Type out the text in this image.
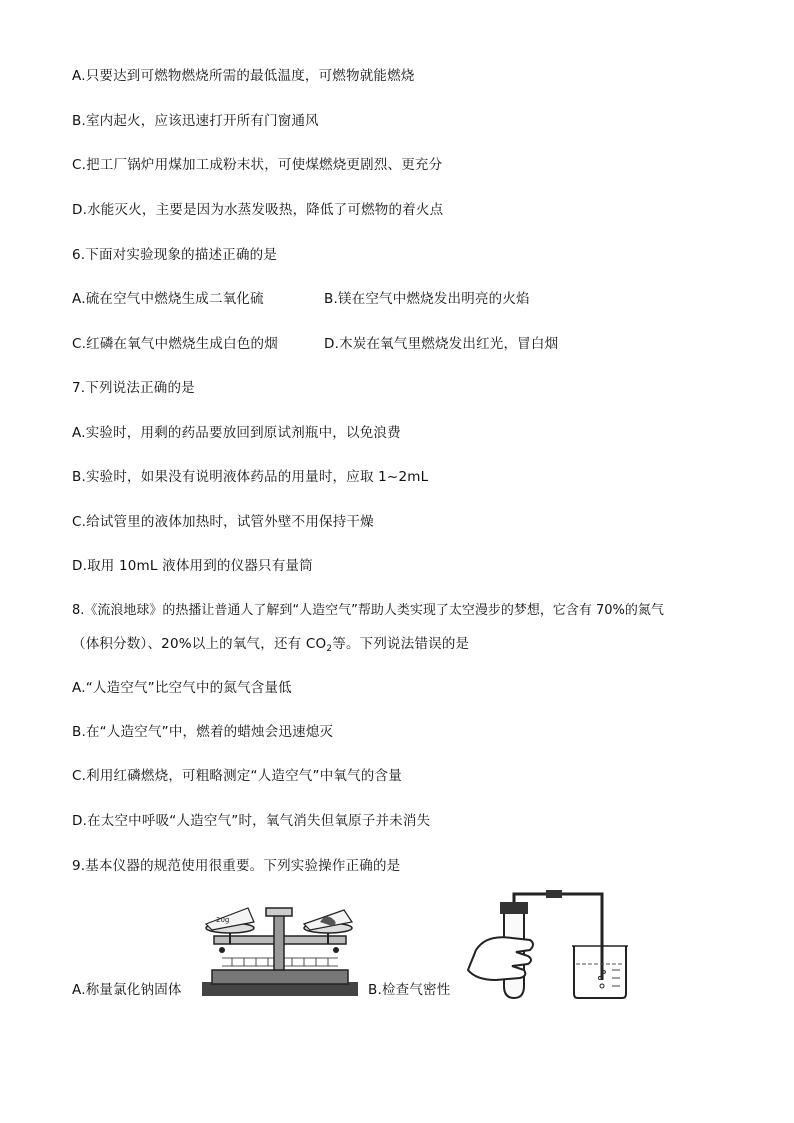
A.只要达到可燃物燃烧所需的最低温度，可燃物就能燃烧
B.室内起火，应该迅速打开所有门窗通风
C.把工厂锅炉用煤加工成粉末状，可使煤燃烧更剧烈、更充分
D.水能灭火，主要是因为水蒸发吸热，降低了可燃物的着火点
6.下面对实验现象的描述正确的是
A.硫在空气中燃烧生成二氧化硫	B.镁在空气中燃烧发出明亮的火焰
C.红磷在氧气中燃烧生成白色的烟	D.木炭在氧气里燃烧发出红光，冒白烟
7.下列说法正确的是
A.实验时，用剩的药品要放回到原试剂瓶中，以免浪费
B.实验时，如果没有说明液体药品的用量时，应取 1~2mL
C.给试管里的液体加热时，试管外壁不用保持干燥
D.取用 10mL 液体用到的仪器只有量筒
8.《流浪地球》的热播让普通人了解到“人造空气”帮助人类实现了太空漫步的梦想，它含有 70%的氮气
（体积分数）、20%以上的氧气，还有 $CO_2$等。下列说法错误的是
A.“人造空气”比空气中的氮气含量低
B.在“人造空气”中，燃着的蜡烛会迅速熄灭
C.利用红磷燃烧，可粗略测定“人造空气”中氧气的含量
D.在太空中呼吸“人造空气”时，氧气消失但氧原子并未消失
9.基本仪器的规范使用很重要。下列实验操作正确的是
20g
A.称量氯化钠固体	B.检查气密性
